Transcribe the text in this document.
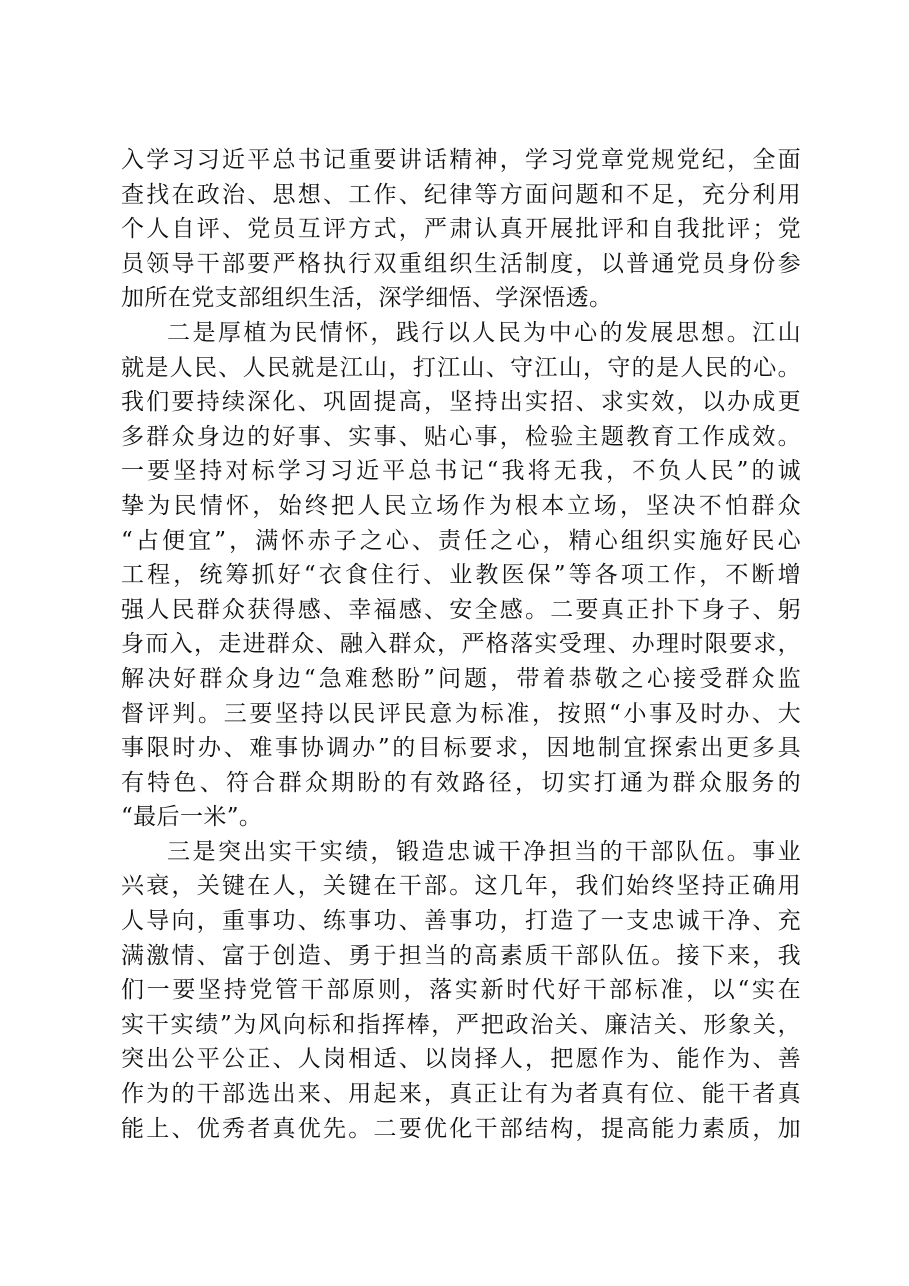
入学习习近平总书记重要讲话精神，学习党章党规党纪，全面
查找在政治、思想、工作、纪律等方面问题和不足，充分利用
个人自评、党员互评方式，严肃认真开展批评和自我批评；党
员领导干部要严格执行双重组织生活制度，以普通党员身份参
加所在党支部组织生活，深学细悟、学深悟透。
二是厚植为民情怀，践行以人民为中心的发展思想。江山
就是人民、人民就是江山，打江山、守江山，守的是人民的心。
我们要持续深化、巩固提高，坚持出实招、求实效，以办成更
多群众身边的好事、实事、贴心事，检验主题教育工作成效。
一要坚持对标学习习近平总书记“我将无我，不负人民”的诚
挚为民情怀，始终把人民立场作为根本立场，坚决不怕群众
“占便宜”，满怀赤子之心、责任之心，精心组织实施好民心
工程，统筹抓好“衣食住行、业教医保”等各项工作，不断增
强人民群众获得感、幸福感、安全感。二要真正扑下身子、躬
身而入，走进群众、融入群众，严格落实受理、办理时限要求，
解决好群众身边“急难愁盼”问题，带着恭敬之心接受群众监
督评判。三要坚持以民评民意为标准，按照“小事及时办、大
事限时办、难事协调办”的目标要求，因地制宜探索出更多具
有特色、符合群众期盼的有效路径，切实打通为群众服务的
“最后一米”。
三是突出实干实绩，锻造忠诚干净担当的干部队伍。事业
兴衰，关键在人，关键在干部。这几年，我们始终坚持正确用
人导向，重事功、练事功、善事功，打造了一支忠诚干净、充
满激情、富于创造、勇于担当的高素质干部队伍。接下来，我
们一要坚持党管干部原则，落实新时代好干部标准，以“实在
实干实绩”为风向标和指挥棒，严把政治关、廉洁关、形象关，
突出公平公正、人岗相适、以岗择人，把愿作为、能作为、善
作为的干部选出来、用起来，真正让有为者真有位、能干者真
能上、优秀者真优先。二要优化干部结构，提高能力素质，加
